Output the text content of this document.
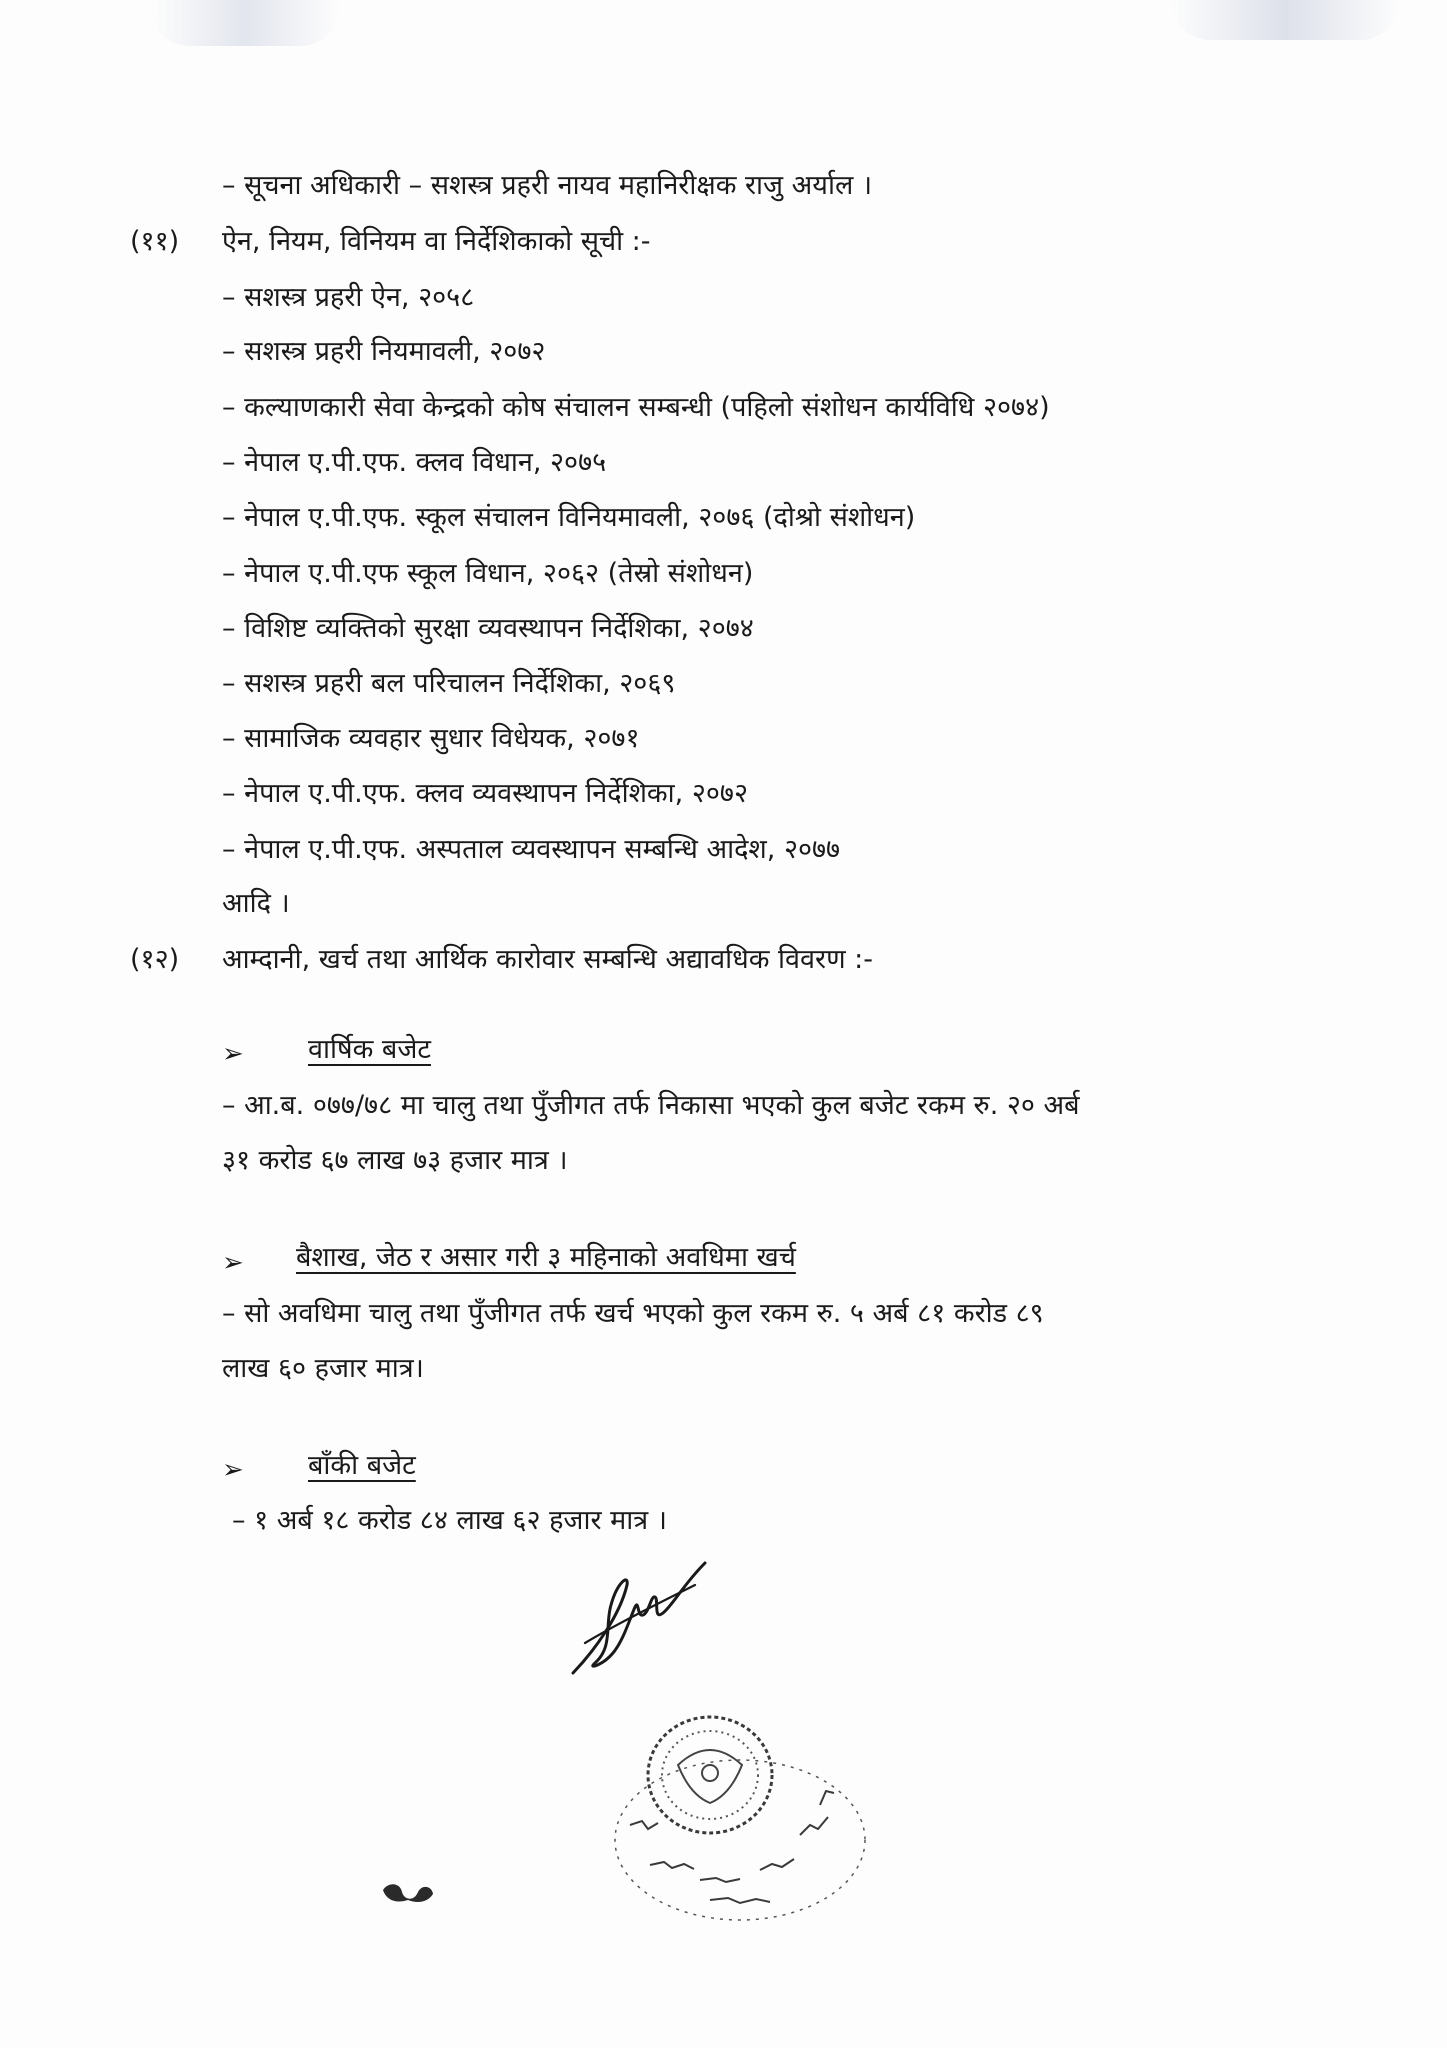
– सूचना अधिकारी – सशस्त्र प्रहरी नायव महानिरीक्षक राजु अर्याल ।
(११) ऐन, नियम, विनियम वा निर्देशिकाको सूची :-
– सशस्त्र प्रहरी ऐन, २०५८
– सशस्त्र प्रहरी नियमावली, २०७२
– कल्याणकारी सेवा केन्द्रको कोष संचालन सम्बन्धी (पहिलो संशोधन कार्यविधि २०७४)
– नेपाल ए.पी.एफ. क्लव विधान, २०७५
– नेपाल ए.पी.एफ. स्कूल संचालन विनियमावली, २०७६ (दोश्रो संशोधन)
– नेपाल ए.पी.एफ स्कूल विधान, २०६२ (तेस्रो संशोधन)
– विशिष्ट व्यक्तिको सुरक्षा व्यवस्थापन निर्देशिका, २०७४
– सशस्त्र प्रहरी बल परिचालन निर्देशिका, २०६९
– सामाजिक व्यवहार सुधार विधेयक, २०७१
– नेपाल ए.पी.एफ. क्लव व्यवस्थापन निर्देशिका, २०७२
– नेपाल ए.पी.एफ. अस्पताल व्यवस्थापन सम्बन्धि आदेश, २०७७
आदि ।
(१२) आम्दानी, खर्च तथा आर्थिक कारोवार सम्बन्धि अद्यावधिक विवरण :-
➢ वार्षिक बजेट
– आ.ब. ०७७/७८ मा चालु तथा पुँजीगत तर्फ निकासा भएको कुल बजेट रकम रु. २० अर्ब
३१ करोड ६७ लाख ७३ हजार मात्र ।
➢ बैशाख, जेठ र असार गरी ३ महिनाको अवधिमा खर्च
– सो अवधिमा चालु तथा पुँजीगत तर्फ खर्च भएको कुल रकम रु. ५ अर्ब ८१ करोड ८९
लाख ६० हजार मात्र।
➢ बाँकी बजेट
– १ अर्ब १८ करोड ८४ लाख ६२ हजार मात्र ।
